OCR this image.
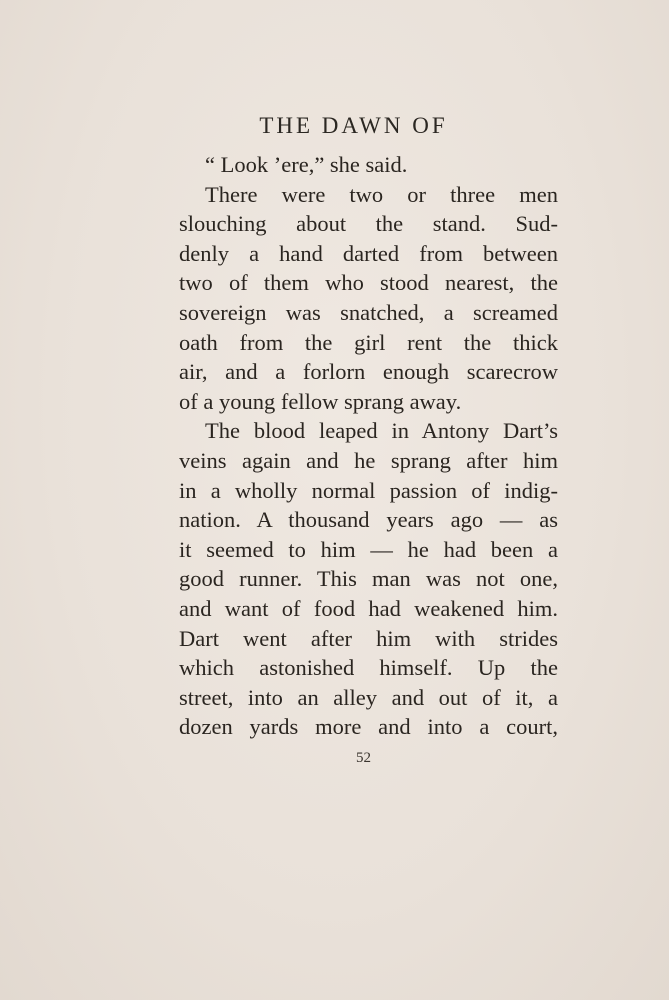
THE DAWN OF
“ Look ’ere,” she said.
There were two or three men
slouching about the stand. Sud-
denly a hand darted from between
two of them who stood nearest, the
sovereign was snatched, a screamed
oath from the girl rent the thick
air, and a forlorn enough scarecrow
of a young fellow sprang away.
The blood leaped in Antony Dart’s
veins again and he sprang after him
in a wholly normal passion of indig-
nation. A thousand years ago — as
it seemed to him — he had been a
good runner. This man was not one,
and want of food had weakened him.
Dart went after him with strides
which astonished himself. Up the
street, into an alley and out of it, a
dozen yards more and into a court,
52
